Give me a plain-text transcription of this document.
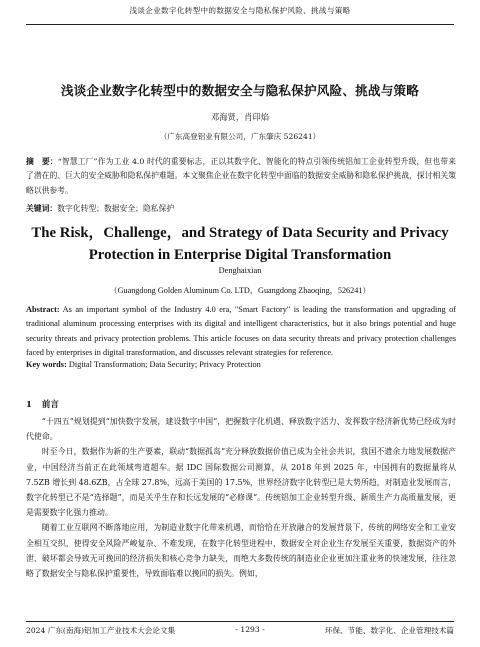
浅谈企业数字化转型中的数据安全与隐私保护风险、挑战与策略
浅谈企业数字化转型中的数据安全与隐私保护风险、挑战与策略
邓海贤，肖印焰
（广东高登铝业有限公司，广东肇庆 526241）
摘　要：“智慧工厂”作为工业 4.0 时代的重要标志，正以其数字化、智能化的特点引领传统铝加工企业转型升级，但也带来了潜在的、巨大的安全威胁和隐私保护难题。本文聚焦企业在数字化转型中面临的数据安全威胁和隐私保护挑战，探讨相关策略以供参考。
关键词：数字化转型；数据安全；隐私保护
The Risk，Challenge，and Strategy of Data Security and Privacy Protection in Enterprise Digital Transformation
Denghaixian
（Guangdong Golden Aluminum Co. LTD，Guangdong Zhaoqing，526241）
Abstract: As an important symbol of the Industry 4.0 era, "Smart Factory" is leading the transformation and upgrading of traditional aluminum processing enterprises with its digital and intelligent characteristics, but it also brings potential and huge security threats and privacy protection problems. This article focuses on data security threats and privacy protection challenges faced by enterprises in digital transformation, and discusses relevant strategies for reference.
Key words: Digital Transformation; Data Security; Privacy Protection
1 前言

“十四五”规划提到“加快数字发展，建设数字中国”，把握数字化机遇、释放数字活力、发挥数字经济新优势已经成为时代使命。

时至今日，数据作为新的生产要素，联动“数据孤岛”充分释放数据价值已成为全社会共识，我国不遗余力地发展数据产业，中国经济当前正在此领域弯道超车。据 IDC 国际数据公司测算，从 2018 年到 2025 年，中国拥有的数据量将从 7.5ZB 增长到 48.6ZB，占全球 27.8%，远高于美国的 17.5%，世界经济数字化转型已是大势所趋，对制造业发展而言，数字化转型已不是“选择题”，而是关乎生存和长远发展的“必修课”。传统铝加工企业转型升级、新质生产力高质量发展，更是需要数字化强力推动。

随着工业互联网不断落地应用，为制造业数字化带来机遇，而恰恰在开放融合的发展背景下，传统的网络安全和工业安全相互交织，使得安全风险严峻复杂、不难发现，在数字化转型进程中，数据安全对企业生存发展至关重要，数据资产的外泄、破坏都会导致无可挽回的经济损失和核心竞争力缺失，而绝大多数传统的制造业企业更加注重业务的快速发展，往往忽略了数据安全与隐私保护重要性，导致面临难以挽回的损失。例如，

2024 广东(南海)铝加工产业技术大会论文集	- 1293 -	环保、节能、数字化、企业管理技术篇
